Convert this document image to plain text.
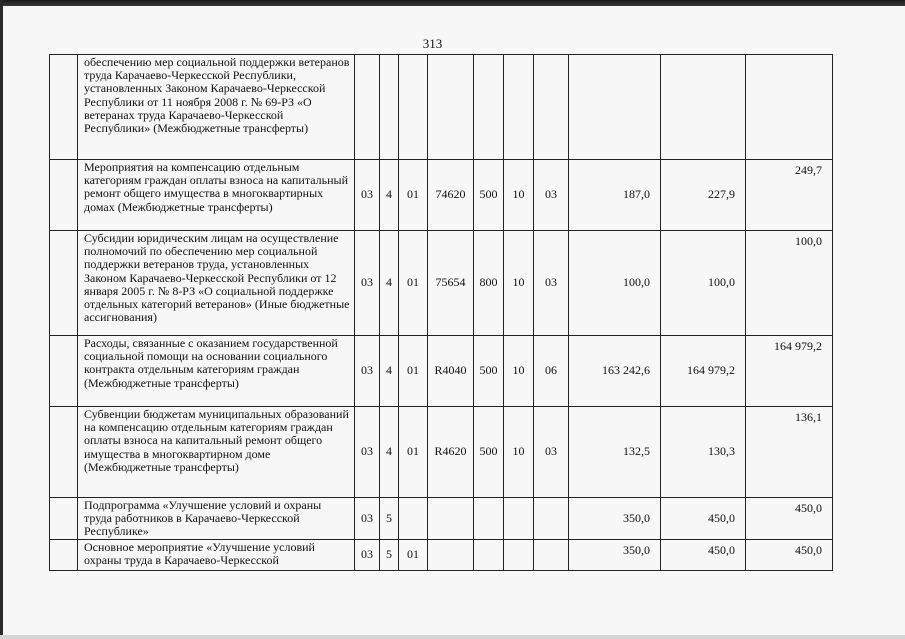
313
	обеспечению мер социальной поддержки ветеранов труда Карачаево-Черкесской Республики, установленных Законом Карачаево-Черкесской Республики от 11 ноября 2008 г. № 69-РЗ «О ветеранах труда Карачаево-Черкесской Республики» (Межбюджетные трансферты)										
	Мероприятия на компенсацию отдельным категориям граждан оплаты взноса на капитальный ремонт общего имущества в многоквартирных домах (Межбюджетные трансферты)	03	4	01	74620	500	10	03	187,0	227,9	249,7
	Субсидии юридическим лицам на осуществление полномочий по обеспечению мер социальной поддержки ветеранов труда, установленных Законом Карачаево-Черкесской Республики от 12 января 2005 г. № 8-РЗ «О социальной поддержке отдельных категорий ветеранов» (Иные бюджетные ассигнования)	03	4	01	75654	800	10	03	100,0	100,0	100,0
	Расходы, связанные с оказанием государственной социальной помощи на основании социального контракта отдельным категориям граждан (Межбюджетные трансферты)	03	4	01	R4040	500	10	06	163 242,6	164 979,2	164 979,2
	Субвенции бюджетам муниципальных образований на компенсацию отдельным категориям граждан оплаты взноса на капитальный ремонт общего имущества в многоквартирном доме (Межбюджетные трансферты)	03	4	01	R4620	500	10	03	132,5	130,3	136,1
	Подпрограмма «Улучшение условий и охраны труда работников в Карачаево-Черкесской Республике»	03	5						350,0	450,0	450,0
	Основное мероприятие «Улучшение условий охраны труда в Карачаево-Черкесской	03	5	01					350,0	450,0	450,0
